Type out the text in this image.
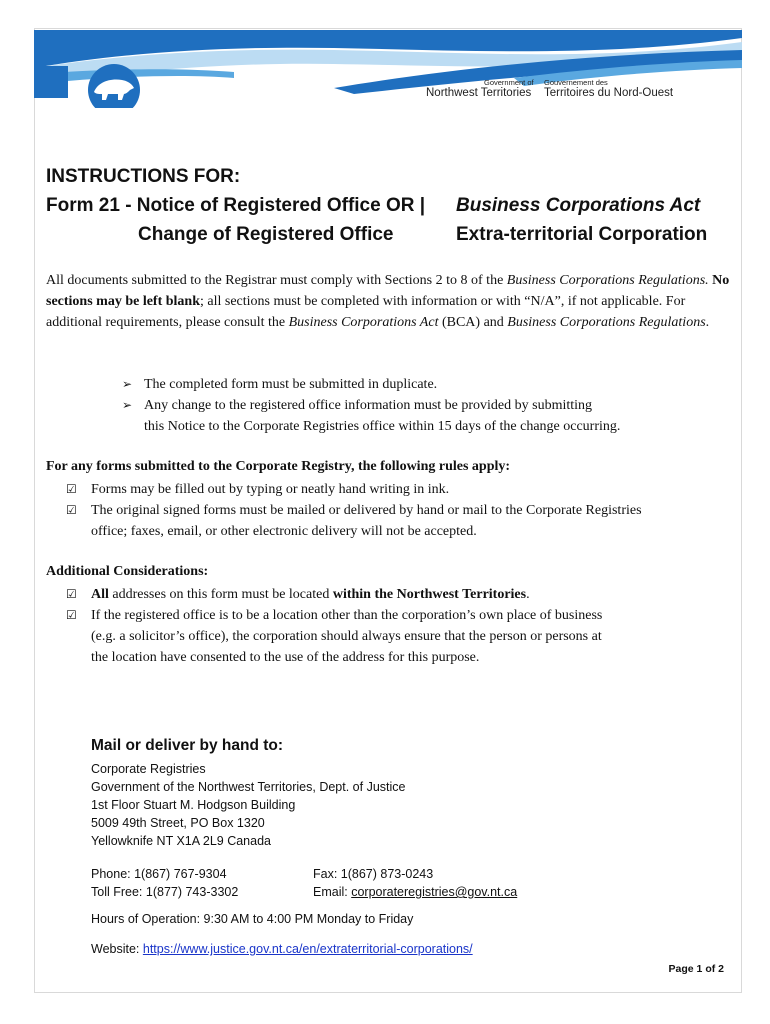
Government of
Northwest Territories
Gouvernement des
Territoires du Nord-Ouest
INSTRUCTIONS FOR:
Form 21 - Notice of Registered Office OR | Business Corporations Act
Change of Registered Office	Extra-territorial Corporation
All documents submitted to the Registrar must comply with Sections 2 to 8 of the Business Corporations Regulations. No sections may be left blank; all sections must be completed with information or with “N/A”, if not applicable. For additional requirements, please consult the Business Corporations Act (BCA) and Business Corporations Regulations.
➢ The completed form must be submitted in duplicate.
➢ Any change to the registered office information must be provided by submitting
this Notice to the Corporate Registries office within 15 days of the change occurring.
For any forms submitted to the Corporate Registry, the following rules apply:
☑ Forms may be filled out by typing or neatly hand writing in ink.
☑ The original signed forms must be mailed or delivered by hand or mail to the Corporate Registries
office; faxes, email, or other electronic delivery will not be accepted.
Additional Considerations:
☑ All addresses on this form must be located within the Northwest Territories.
☑ If the registered office is to be a location other than the corporation’s own place of business
(e.g. a solicitor’s office), the corporation should always ensure that the person or persons at
the location have consented to the use of the address for this purpose.
Mail or deliver by hand to:
Corporate Registries
Government of the Northwest Territories, Dept. of Justice
1st Floor Stuart M. Hodgson Building
5009 49th Street, PO Box 1320
Yellowknife NT X1A 2L9 Canada
Phone: 1(867) 767-9304
Toll Free: 1(877) 743-3302
Fax: 1(867) 873-0243
Email: corporateregistries@gov.nt.ca
Hours of Operation: 9:30 AM to 4:00 PM Monday to Friday
Website: https://www.justice.gov.nt.ca/en/extraterritorial-corporations/
Page 1 of 2
